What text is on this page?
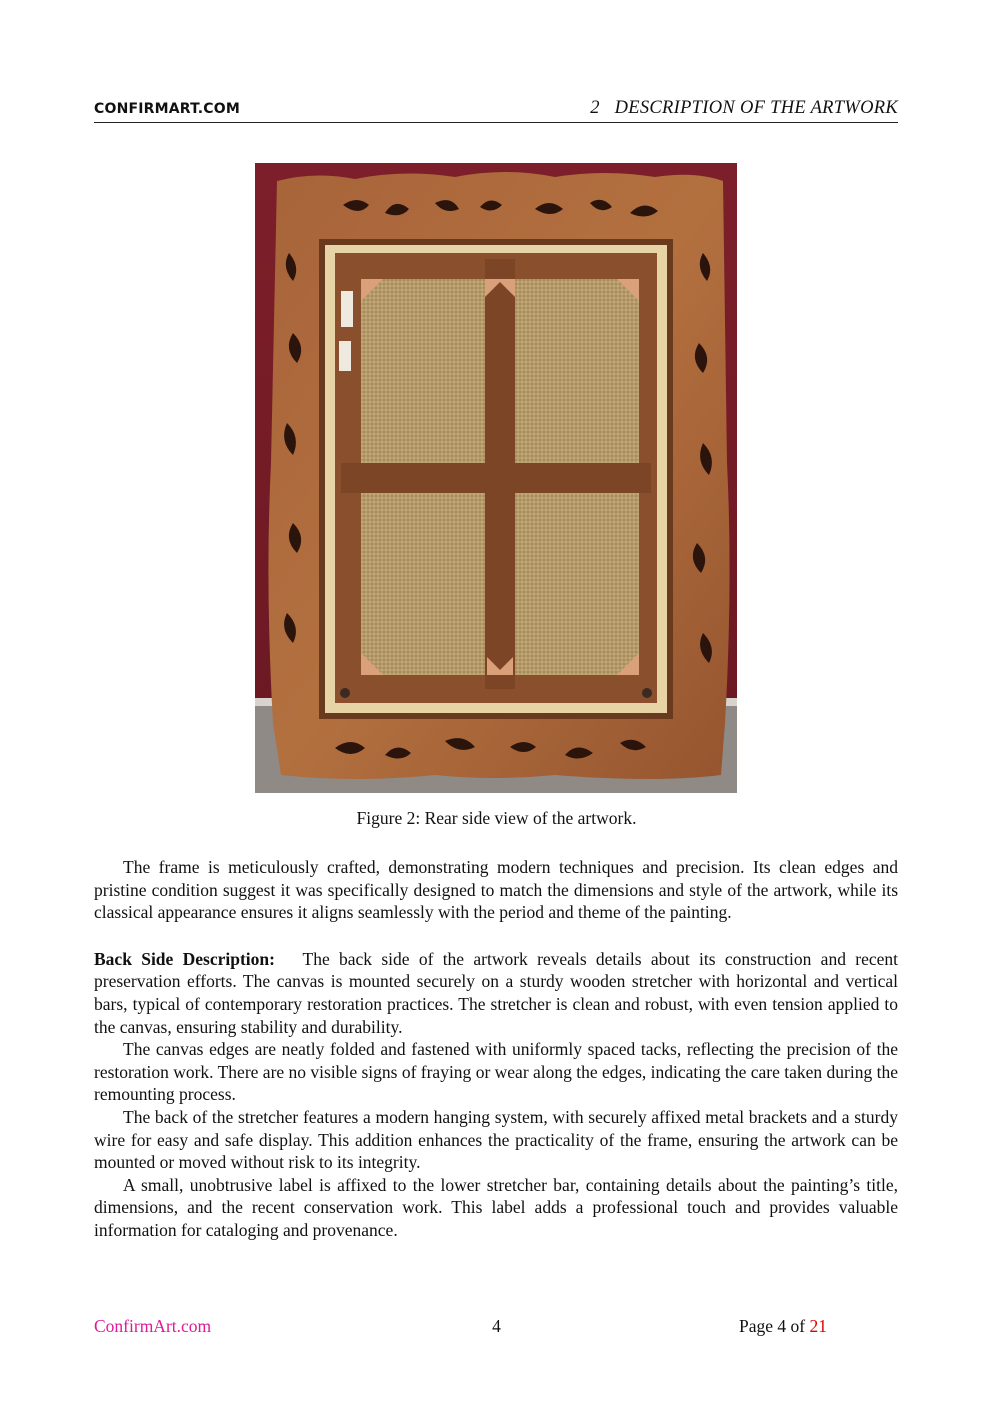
CONFIRMART.COM	2   DESCRIPTION OF THE ARTWORK
Figure 2: Rear side view of the artwork.

The frame is meticulously crafted, demonstrating modern techniques and precision. Its clean edges and pristine condition suggest it was specifically designed to match the dimensions and style of the artwork, while its classical appearance ensures it aligns seamlessly with the period and theme of the painting.

Back Side Description: The back side of the artwork reveals details about its construction and recent preservation efforts. The canvas is mounted securely on a sturdy wooden stretcher with horizontal and vertical bars, typical of contemporary restoration practices. The stretcher is clean and robust, with even tension applied to the canvas, ensuring stability and durability.

The canvas edges are neatly folded and fastened with uniformly spaced tacks, reflecting the precision of the restoration work. There are no visible signs of fraying or wear along the edges, indicating the care taken during the remounting process.

The back of the stretcher features a modern hanging system, with securely affixed metal brackets and a sturdy wire for easy and safe display. This addition enhances the practicality of the frame, ensuring the artwork can be mounted or moved without risk to its integrity.

A small, unobtrusive label is affixed to the lower stretcher bar, containing details about the painting’s title, dimensions, and the recent conservation work. This label adds a professional touch and provides valuable information for cataloging and provenance.

ConfirmArt.com	4	Page 4 of 21
